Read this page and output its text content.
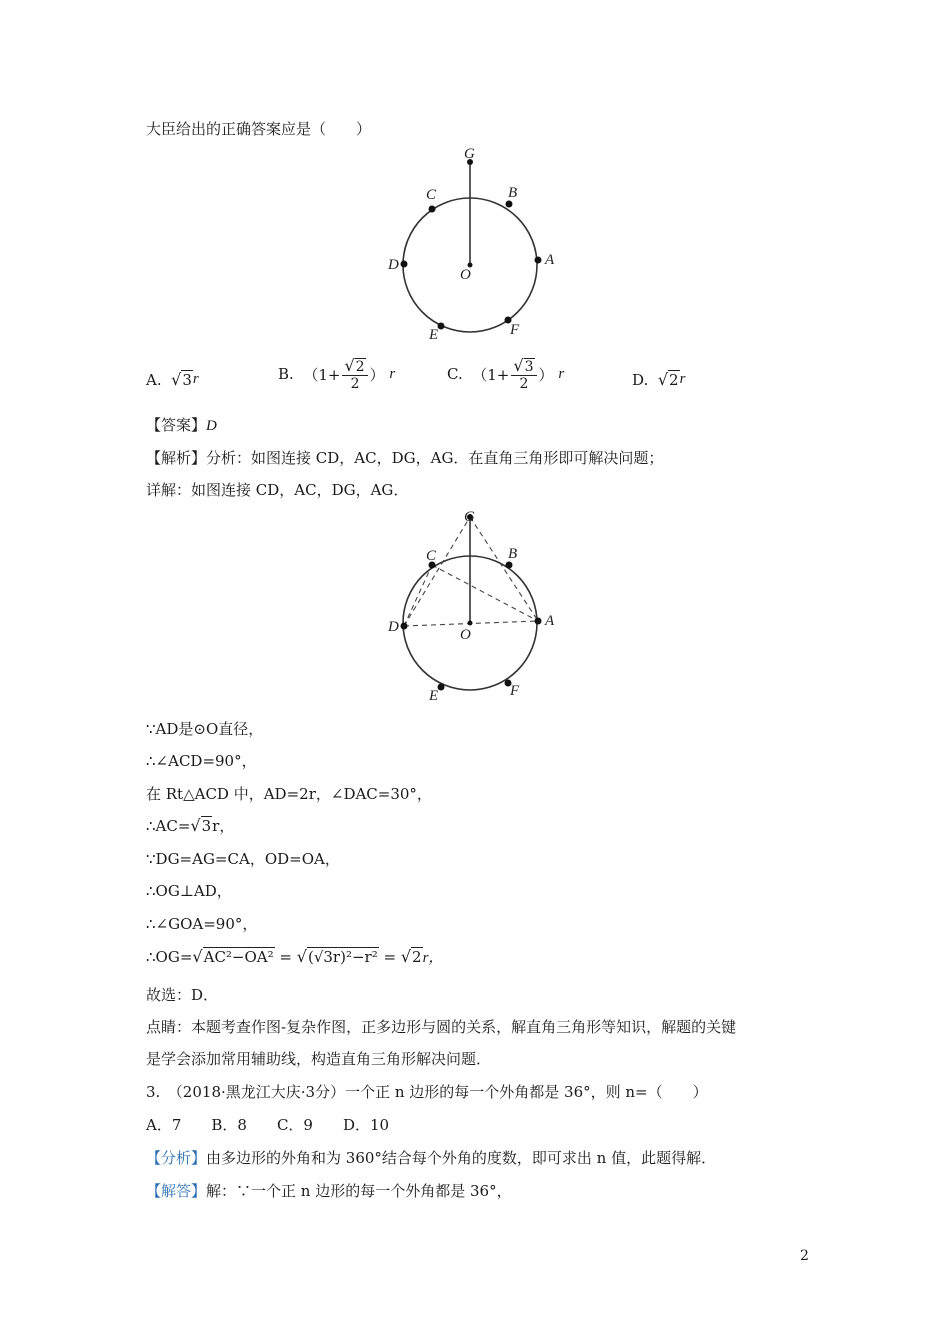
大臣给出的正确答案应是（　　）
G
B
C
A
D
O
E	F
A.
√ 3 r	B.
（$1+ \frac{√2}{2}$ ）
r	C.
（$1+ \frac{√3}{2}$ ）
r	D.
√ 2 r
【答案】D
【解析】分析：如图连接 CD，AC，DG，AG．在直角三角形即可解决问题；
详解：如图连接 CD，AC，DG，AG．
G
B
C
A
D	O
E	F
∵AD是⊙O直径，
∴∠ACD=90°，
在 Rt△ACD 中，AD=2r，∠DAC=30°，
∴AC=√3r，
∵DG=AG=CA，OD=OA，
∴OG⊥AD，
∴∠GOA=90°，
∴OG=√AC²−OA² = √(√3r)²−r² = √2r，
故选：D．
点睛：本题考查作图-复杂作图，正多边形与圆的关系，解直角三角形等知识，解题的关键
是学会添加常用辅助线，构造直角三角形解决问题．
3.　（2018·黑龙江大庆·3分）一个正 n 边形的每一个外角都是 36°，则 n=（　　）
A．7　　B．8　　C．9　　D．10
【分析】由多边形的外角和为 360°结合每个外角的度数，即可求出 n 值，此题得解．
【解答】解：∵一个正 n 边形的每一个外角都是 36°，
2
